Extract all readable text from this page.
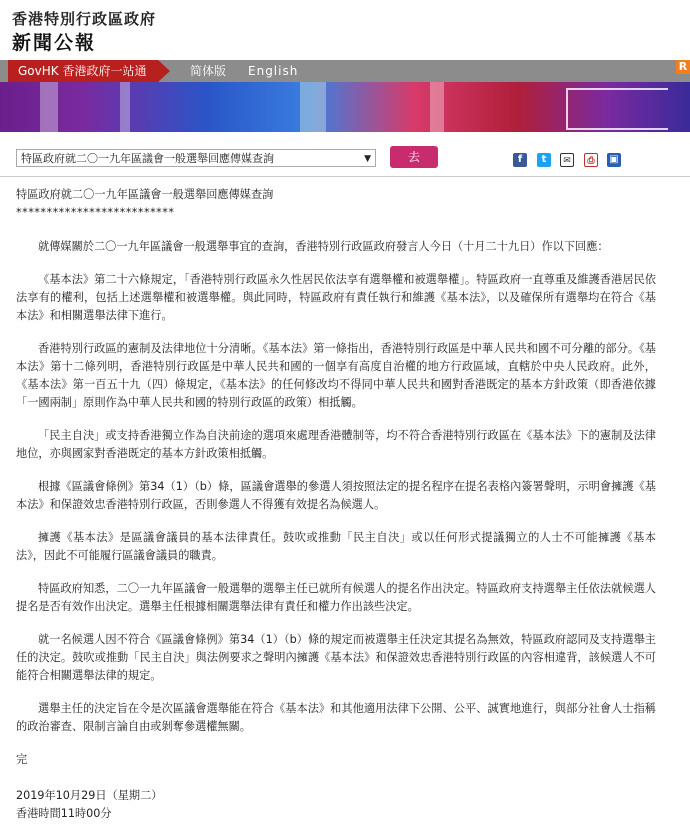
香港特別行政區政府
新聞公報
GovHK 香港政府一站通	简体版 English	R
特區政府就二〇一九年區議會一般選舉回應傳媒查詢	▼	去	f	t	✉	⎙	▣

特區政府就二〇一九年區議會一般選舉回應傳媒查詢

**************************

就傳媒關於二〇一九年區議會一般選舉事宜的查詢，香港特別行政區政府發言人今日（十月二十九日）作以下回應：

《基本法》第二十六條規定，「香港特別行政區永久性居民依法享有選舉權和被選舉權」。特區政府一直尊重及維護香港居民依法享有的權利，包括上述選舉權和被選舉權。與此同時，特區政府有責任執行和維護《基本法》，以及確保所有選舉均在符合《基本法》和相關選舉法律下進行。

香港特別行政區的憲制及法律地位十分清晰。《基本法》第一條指出，香港特別行政區是中華人民共和國不可分離的部分。《基本法》第十二條列明，香港特別行政區是中華人民共和國的一個享有高度自治權的地方行政區域，直轄於中央人民政府。此外，《基本法》第一百五十九（四）條規定，《基本法》的任何修改均不得同中華人民共和國對香港既定的基本方針政策（即香港依據「一國兩制」原則作為中華人民共和國的特別行政區的政策）相抵觸。

「民主自決」或支持香港獨立作為自決前途的選項來處理香港體制等，均不符合香港特別行政區在《基本法》下的憲制及法律地位，亦與國家對香港既定的基本方針政策相抵觸。

根據《區議會條例》第34（1）（b）條，區議會選舉的參選人須按照法定的提名程序在提名表格內簽署聲明，示明會擁護《基本法》和保證效忠香港特別行政區，否則參選人不得獲有效提名為候選人。

擁護《基本法》是區議會議員的基本法律責任。鼓吹或推動「民主自決」或以任何形式提議獨立的人士不可能擁護《基本法》，因此不可能履行區議會議員的職責。

特區政府知悉，二〇一九年區議會一般選舉的選舉主任已就所有候選人的提名作出決定。特區政府支持選舉主任依法就候選人提名是否有效作出決定。選舉主任根據相關選舉法律有責任和權力作出該些決定。

就一名候選人因不符合《區議會條例》第34（1）（b）條的規定而被選舉主任決定其提名為無效，特區政府認同及支持選舉主任的決定。鼓吹或推動「民主自決」與法例要求之聲明內擁護《基本法》和保證效忠香港特別行政區的內容相違背，該候選人不可能符合相關選舉法律的規定。

選舉主任的決定旨在令是次區議會選舉能在符合《基本法》和其他適用法律下公開、公平、誠實地進行，與部分社會人士指稱的政治審查、限制言論自由或剝奪參選權無關。

完

2019年10月29日（星期二）

香港時間11時00分
